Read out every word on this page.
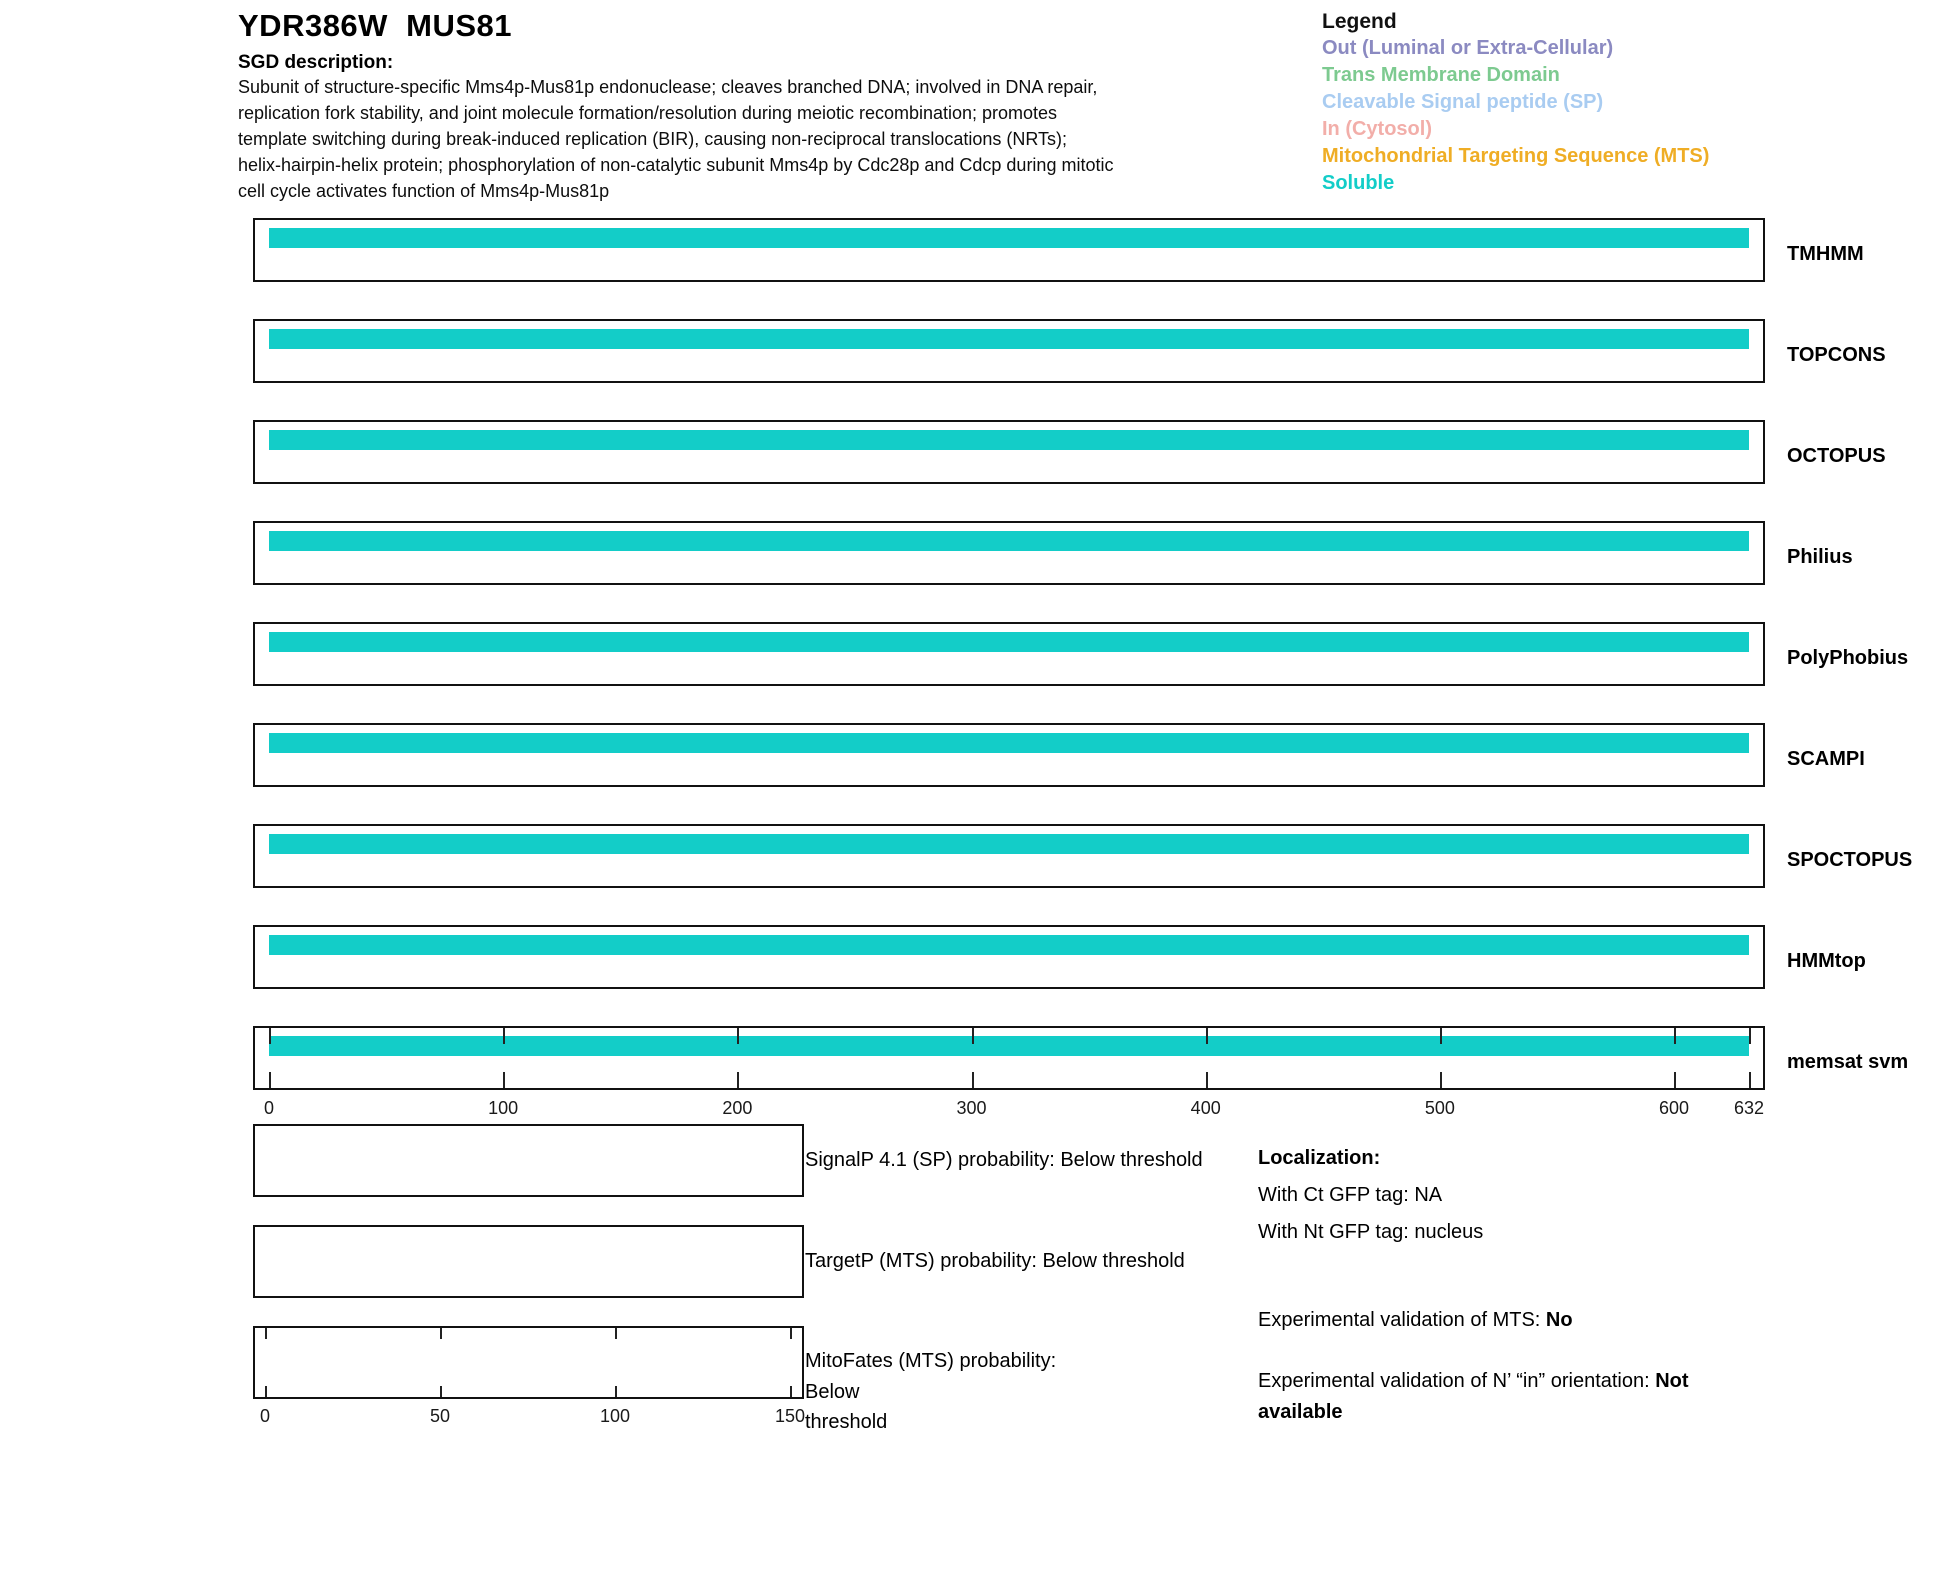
YDR386W  MUS81
SGD description:
Subunit of structure-specific Mms4p-Mus81p endonuclease; cleaves branched DNA; involved in DNA repair,
replication fork stability, and joint molecule formation/resolution during meiotic recombination; promotes
template switching during break-induced replication (BIR), causing non-reciprocal translocations (NRTs);
helix-hairpin-helix protein; phosphorylation of non-catalytic subunit Mms4p by Cdc28p and Cdcp during mitotic
cell cycle activates function of Mms4p-Mus81p
Legend
Out (Luminal or Extra-Cellular)
Trans Membrane Domain
Cleavable Signal peptide (SP)
In (Cytosol)
Mitochondrial Targeting Sequence (MTS)
Soluble
TMHMM
TOPCONS
OCTOPUS
Philius
PolyPhobius
SCAMPI
SPOCTOPUS
HMMtop
memsat svm
0	100	200	300	400	500	600 632
SignalP 4.1 (SP) probability: Below threshold
TargetP (MTS) probability: Below threshold
MitoFates (MTS) probability: Below
threshold
0	50	100	150
Localization:
With Ct GFP tag: NA
With Nt GFP tag: nucleus
Experimental validation of MTS: No
Experimental validation of N’ “in” orientation: Not available
